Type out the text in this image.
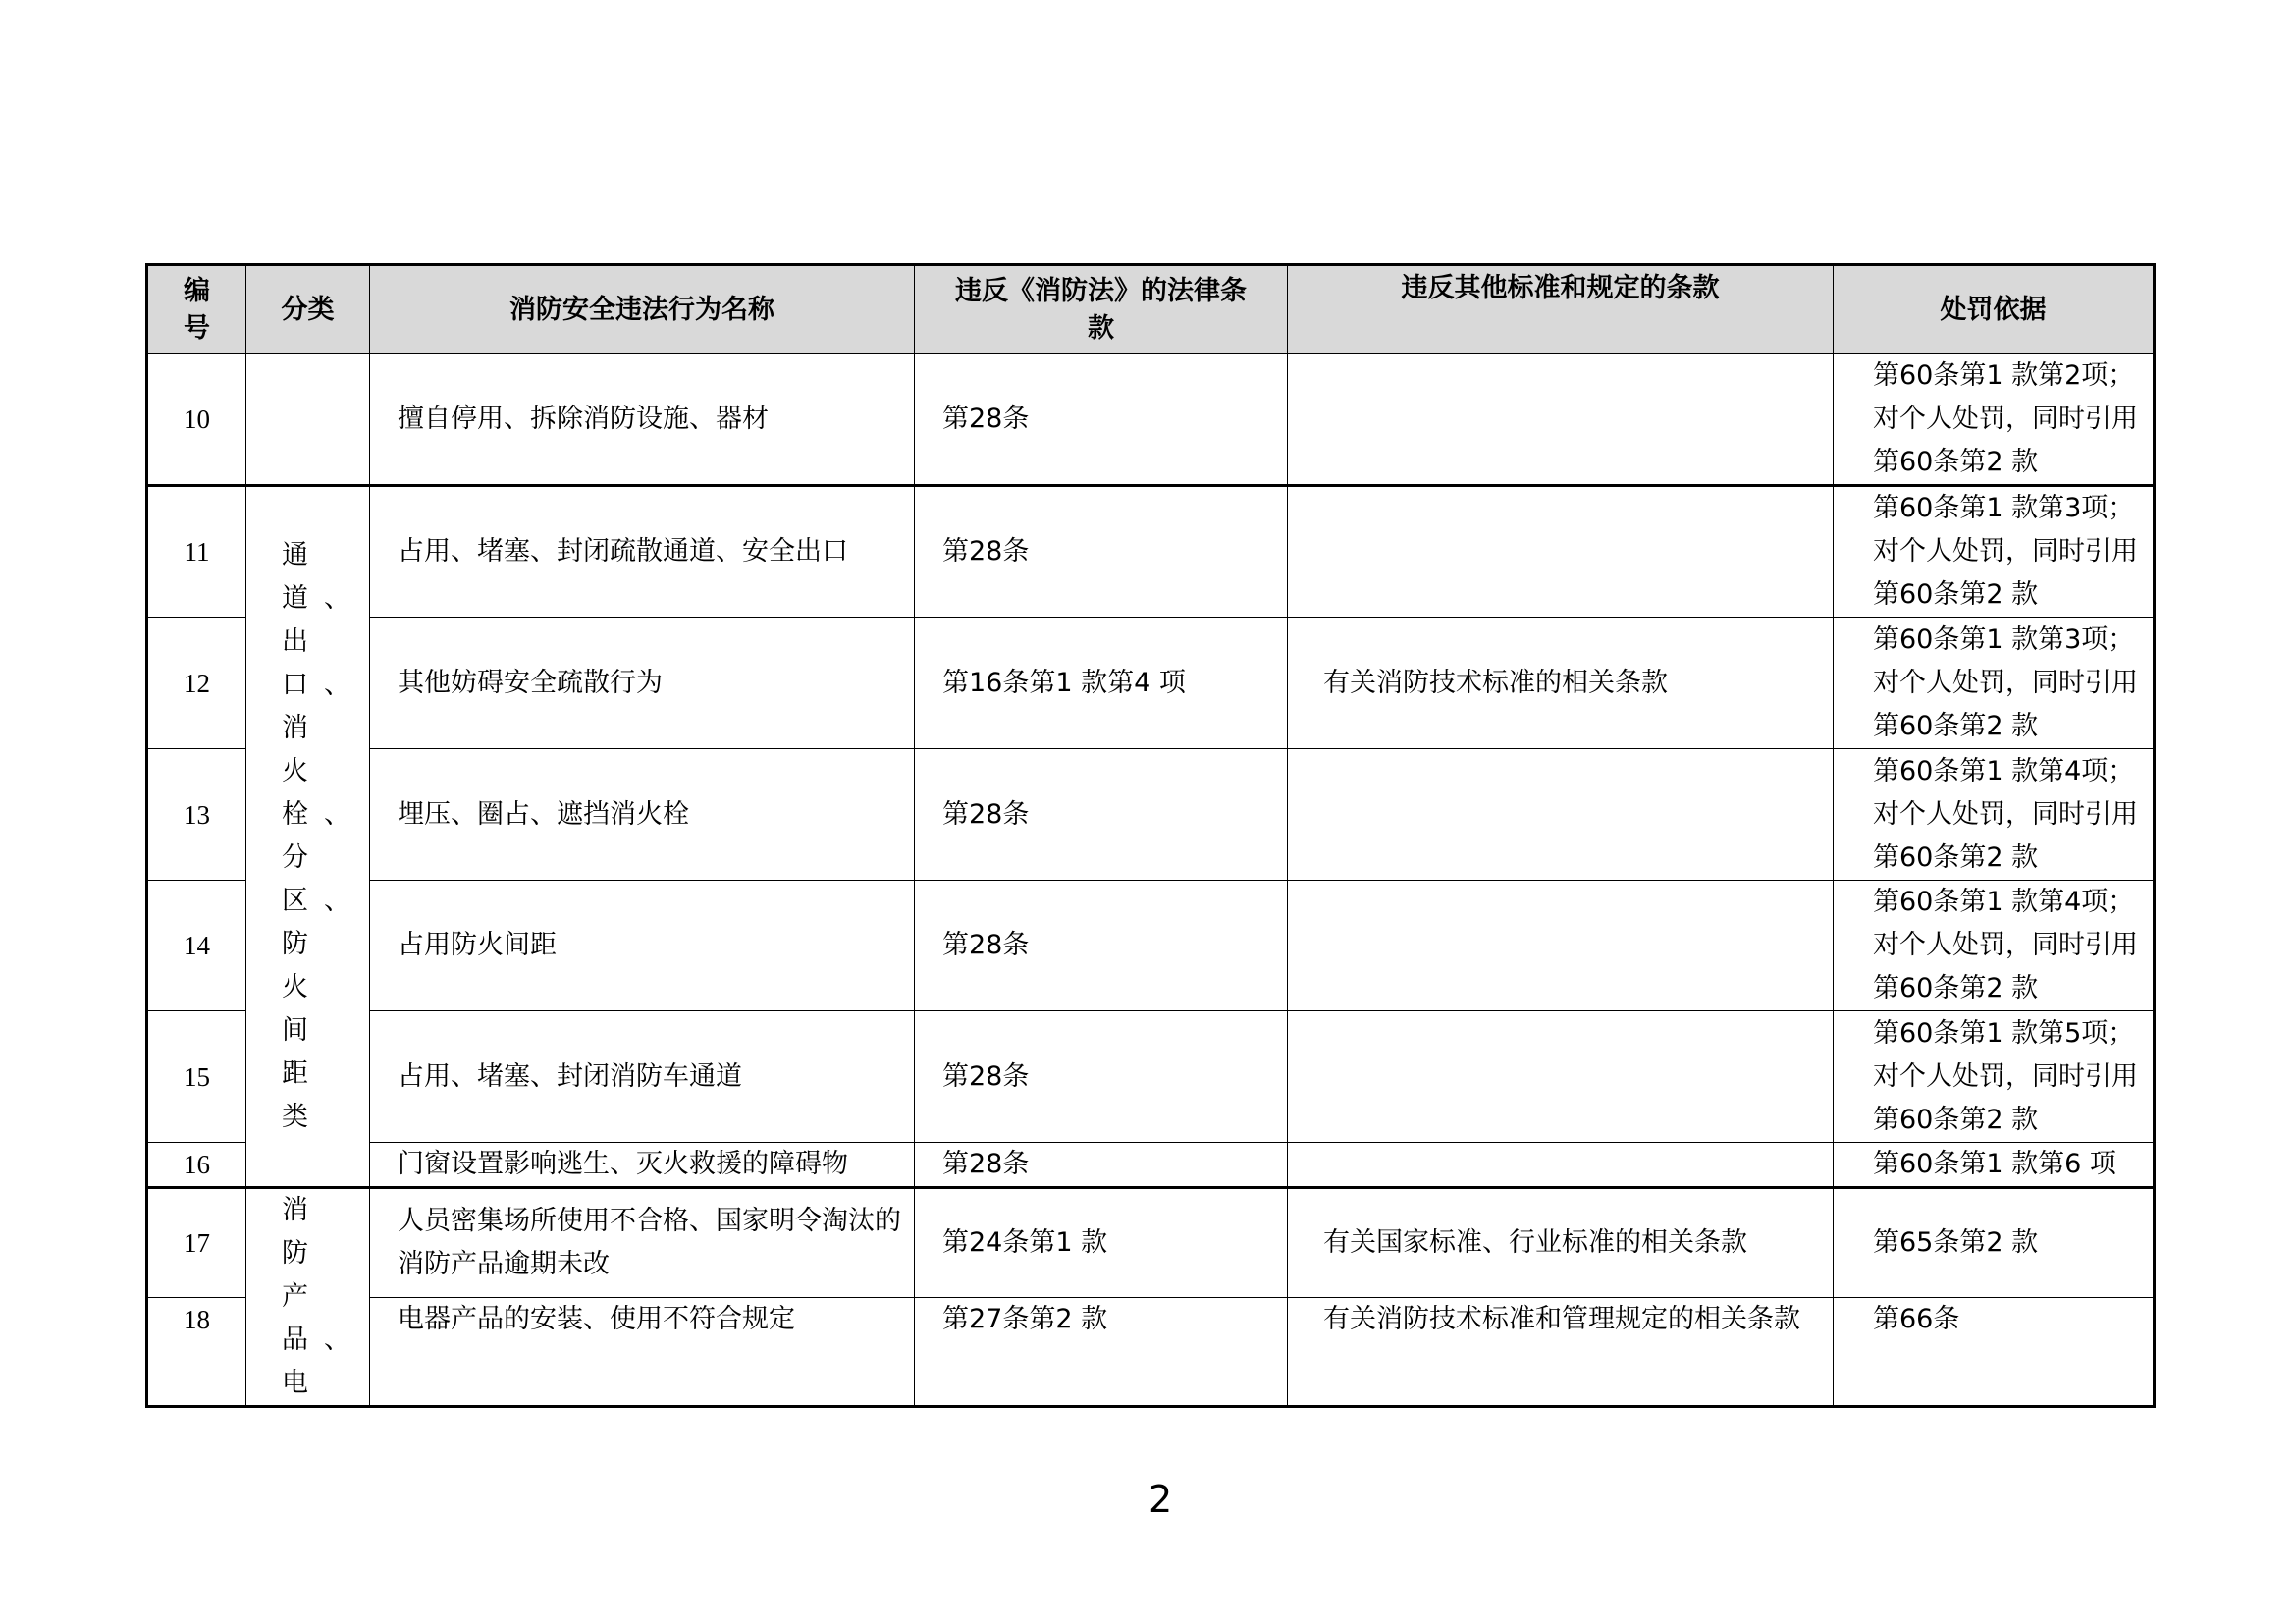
编号	分类	消防安全违法行为名称	违反《消防法》的法律条款	违反其他标准和规定的条款	处罚依据
10		擅自停用、拆除消防设施、器材	第28条		第60条第1 款第2项；对个人处罚，同时引用第60条第2 款
11	通道、出口、消火栓、分区、防火间距类	占用、堵塞、封闭疏散通道、安全出口	第28条		第60条第1 款第3项；对个人处罚，同时引用第60条第2 款
12		其他妨碍安全疏散行为	第16条第1 款第4 项	有关消防技术标准的相关条款	第60条第1 款第3项；对个人处罚，同时引用第60条第2 款
13		埋压、圈占、遮挡消火栓	第28条		第60条第1 款第4项；对个人处罚，同时引用第60条第2 款
14		占用防火间距	第28条		第60条第1 款第4项；对个人处罚，同时引用第60条第2 款
15		占用、堵塞、封闭消防车通道	第28条		第60条第1 款第5项；对个人处罚，同时引用第60条第2 款
16		门窗设置影响逃生、灭火救援的障碍物	第28条		第60条第1 款第6 项
17	消防产品、电	人员密集场所使用不合格、国家明令淘汰的消防产品逾期未改	第24条第1 款	有关国家标准、行业标准的相关条款	第65条第2 款
18		电器产品的安装、使用不符合规定	第27条第2 款	有关消防技术标准和管理规定的相关条款	第66条
2
